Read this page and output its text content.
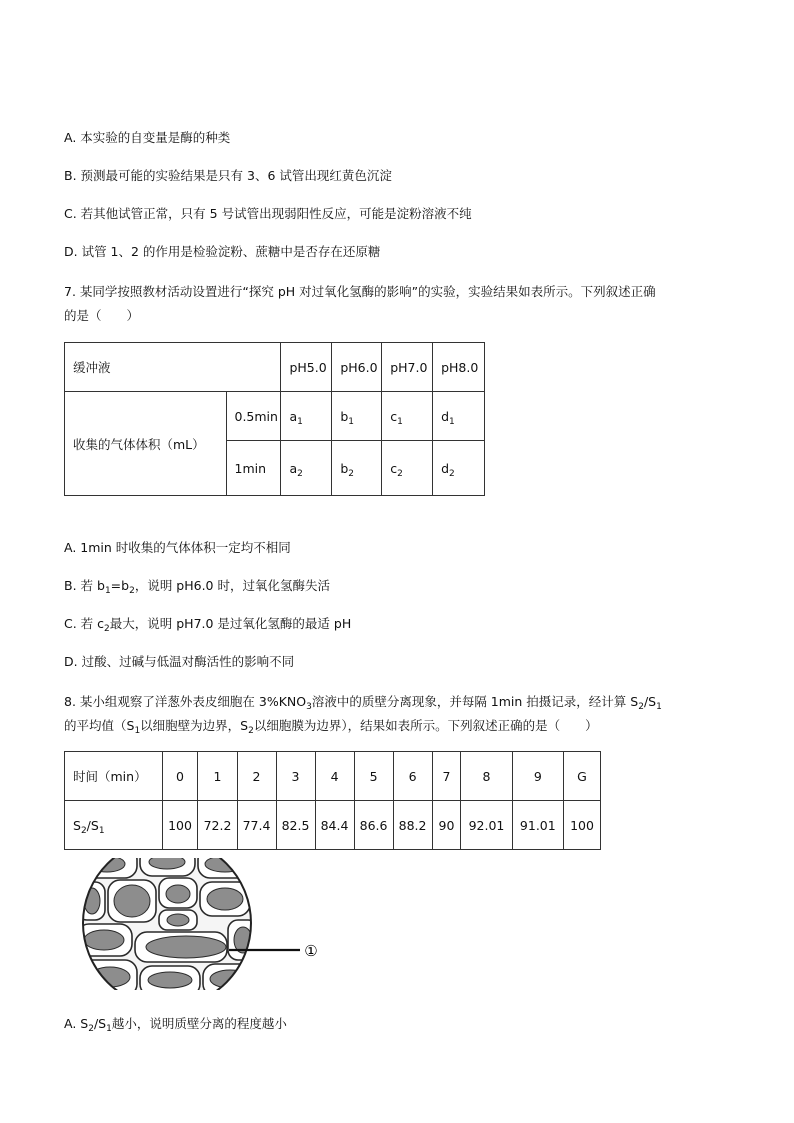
A. 本实验的自变量是酶的种类
B. 预测最可能的实验结果是只有 3、6 试管出现红黄色沉淀
C. 若其他试管正常，只有 5 号试管出现弱阳性反应，可能是淀粉溶液不纯
D. 试管 1、2 的作用是检验淀粉、蔗糖中是否存在还原糖
7. 某同学按照教材活动设置进行“探究 pH 对过氧化氢酶的影响”的实验，实验结果如表所示。下列叙述正确
的是（　　）
缓冲液		pH5.0	pH6.0	pH7.0	pH8.0
收集的气体体积（mL）	0.5min	$a_1$	$b_1$	$c_1$	$d_1$
	1min	$a_2$	$b_2$	$c_2$	$d_2$
A. 1min 时收集的气体体积一定均不相同
B. 若 $b_1=b_2$，说明 pH6.0 时，过氧化氢酶失活
C. 若 $c_2$最大，说明 pH7.0 是过氧化氢酶的最适 pH
D. 过酸、过碱与低温对酶活性的影响不同
8. 某小组观察了洋葱外表皮细胞在 $3\%KNO_3$溶液中的质壁分离现象，并每隔 1min 拍摄记录，经计算 $S_2/S_1$
的平均值（$S_1$以细胞壁为边界，$S_2$以细胞膜为边界），结果如表所示。下列叙述正确的是（　　）
时间（min）	0	1	2	3	4	5	6	7	8	9	G
$S_2/S_1$	100	72.2	77.4	82.5	84.4	86.6	88.2	90	92.01	91.01	100
①
A. $S_2/S_1$越小，说明质壁分离的程度越小
